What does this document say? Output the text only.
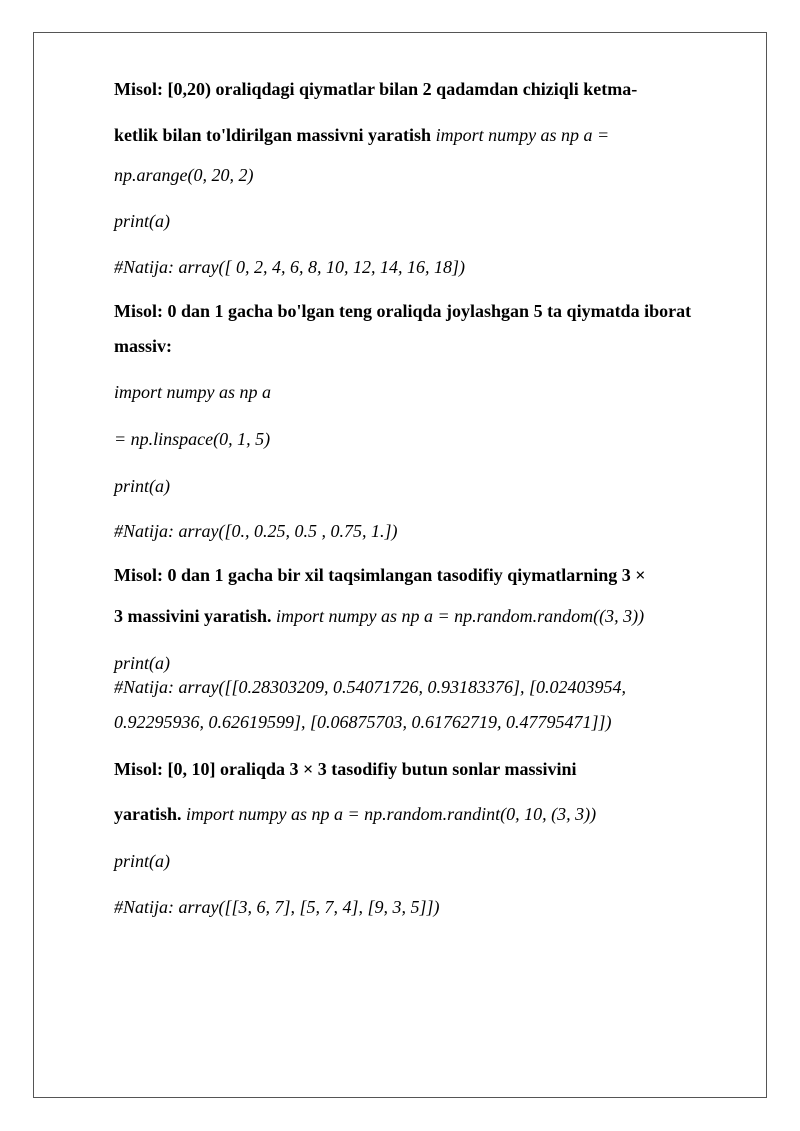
Misol: [0,20) oraliqdagi qiymatlar bilan 2 qadamdan chiziqli ketma-

ketlik bilan to'ldirilgan massivni yaratish import numpy as np a =

np.arange(0, 20, 2)

print(a)

#Natija: array([ 0, 2, 4, 6, 8, 10, 12, 14, 16, 18])

Misol: 0 dan 1 gacha bo'lgan teng oraliqda joylashgan 5 ta qiymatda iborat

massiv:

import numpy as np a

= np.linspace(0, 1, 5)

print(a)

#Natija: array([0., 0.25, 0.5 , 0.75, 1.])

Misol: 0 dan 1 gacha bir xil taqsimlangan tasodifiy qiymatlarning 3 ×

3 massivini yaratish. import numpy as np a = np.random.random((3, 3))

print(a)

#Natija: array([[0.28303209, 0.54071726, 0.93183376], [0.02403954,

0.92295936, 0.62619599], [0.06875703, 0.61762719, 0.47795471]])

Misol: [0, 10] oraliqda 3 × 3 tasodifiy butun sonlar massivini

yaratish. import numpy as np a = np.random.randint(0, 10, (3, 3))

print(a)

#Natija: array([[3, 6, 7], [5, 7, 4], [9, 3, 5]])
